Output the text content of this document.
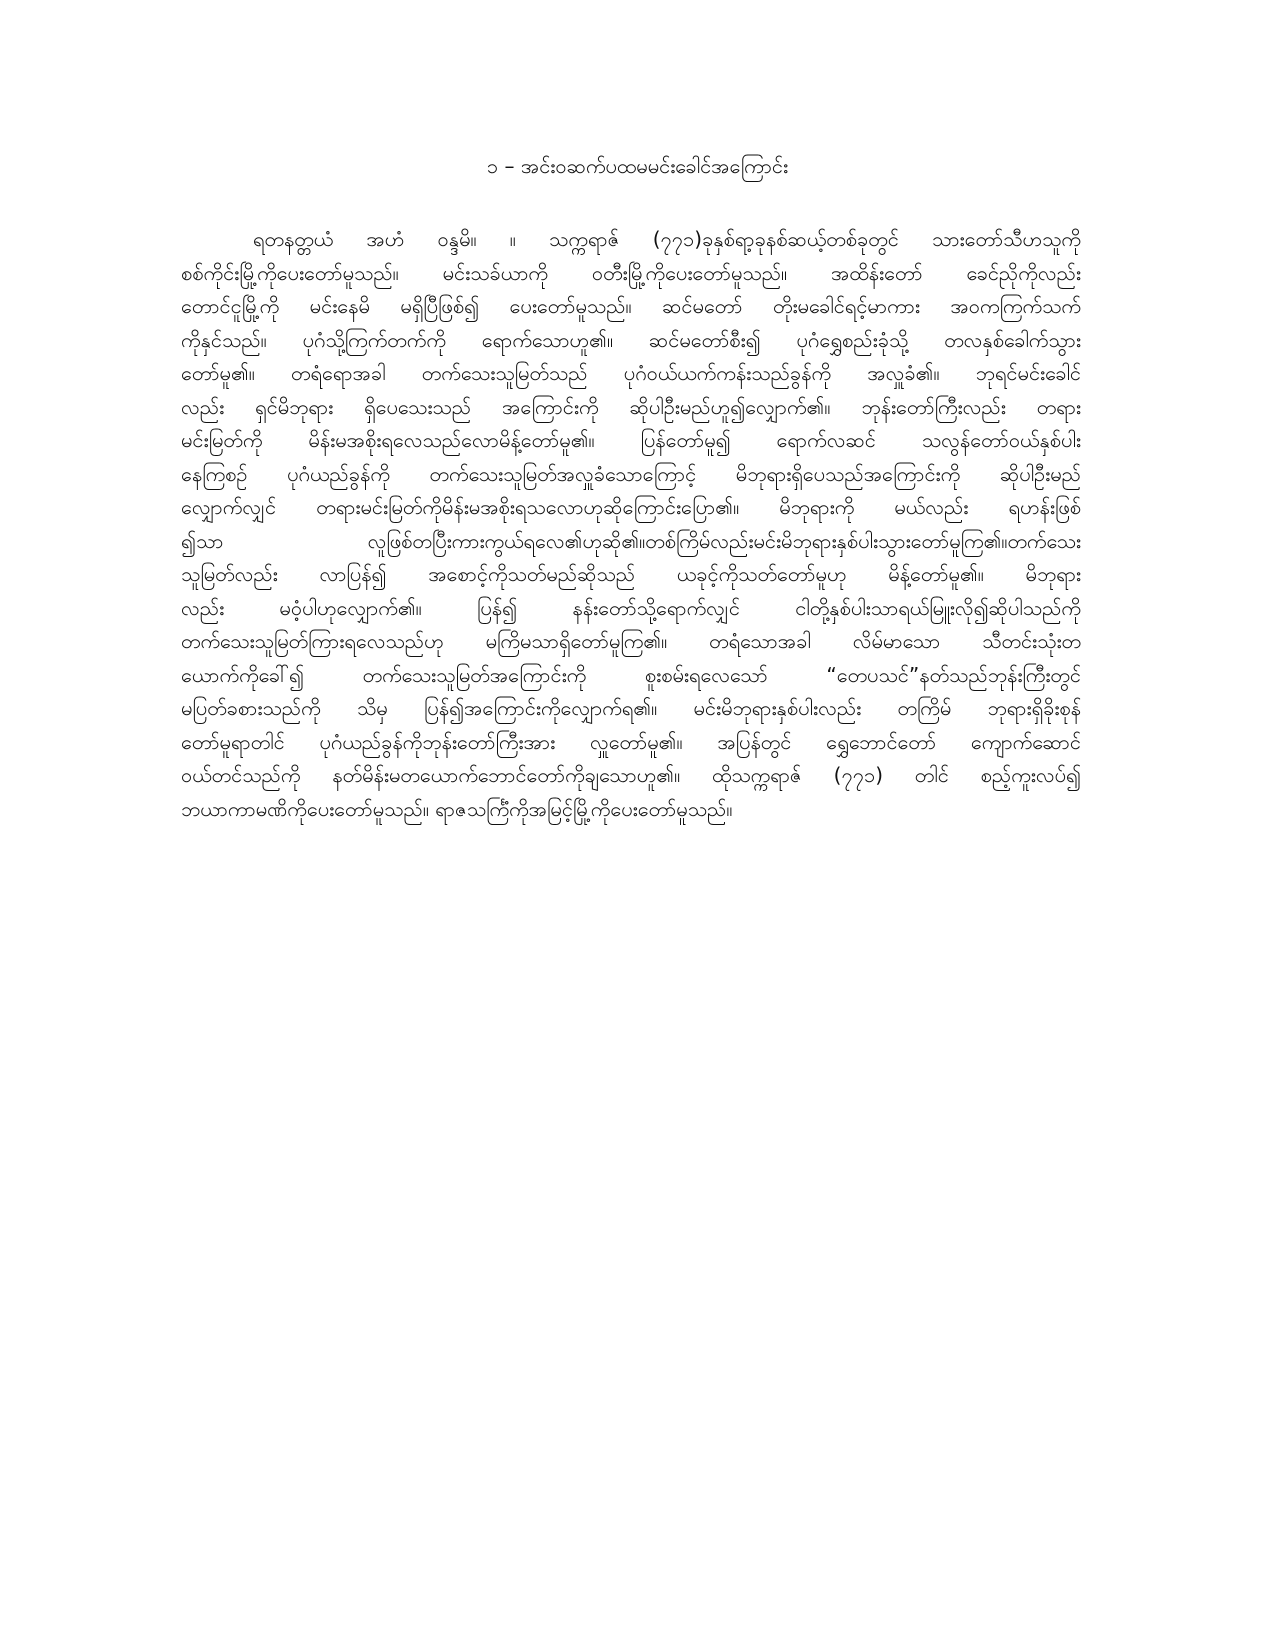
၁ – အင်းဝဆက်ပထမမင်းခေါင်အကြောင်း
ရတနတ္တယံ အဟံ ဝန္ဒမိ။ ။ သက္ကရာဇ် (၇၇၁)ခုနှစ်ရာ့ခုနစ်ဆယ့်တစ်ခုတွင် သားတော်သီဟသူကို
စစ်ကိုင်းမြို့ကိုပေးတော်မူသည်။ မင်းသခ်ယာကို ဝတီးမြို့ကိုပေးတော်မူသည်။ အထိန်းတော် ခေင်ညိုကိုလည်း
တောင်ငူမြို့ကို မင်းနေမိ မရှိပြီဖြစ်၍ ပေးတော်မူသည်။ ဆင်မတော် တိုးမခေါင်ရင့်မာကား အဝကကြက်သက်
ကိုနှင်သည်။ ပုဂံသို့ကြက်တက်ကို ရောက်သောဟူ၏။ ဆင်မတော်စီး၍ ပုဂံရွှေစည်းခုံသို့ တလနှစ်ခေါက်သွား
တော်မူ၏။ တရံရောအခါ တက်သေးသူမြတ်သည် ပုဂံဝယ်ယက်ကန်းသည်ခွန်ကို အလှူခံ၏။ ဘုရင်မင်းခေါင်
လည်း ရှင်မိဘုရား ရှိပေသေးသည် အကြောင်းကို ဆိုပါဦးမည်ဟူ၍လျှောက်၏။ ဘုန်းတော်ကြီးလည်း တရား
မင်းမြတ်ကို မိန်းမအစိုးရလေသည်လောမိန့်တော်မူ၏။ ပြန်တော်မူ၍ ရောက်လဆင် သလွန်တော်ဝယ်နှစ်ပါး
နေကြစဉ် ပုဂံယည်ခွန်ကို တက်သေးသူမြတ်အလှူခံသောကြောင့် မိဘုရားရှိပေသည်အကြောင်းကို ဆိုပါဦးမည်
လျှောက်လျှင် တရားမင်းမြတ်ကိုမိန်းမအစိုးရသလောဟုဆိုကြောင်းပြော၏။ မိဘုရားကို မယ်လည်း ရဟန်းဖြစ်
၍သာ လူဖြစ်တပြီးကားကွယ်ရလေ၏ဟုဆို၏။တစ်ကြိမ်လည်းမင်းမိဘုရားနှစ်ပါးသွားတော်မူကြ၏။တက်သေး
သူမြတ်လည်း လာပြန်၍ အစောင့်ကိုသတ်မည်ဆိုသည် ယခုင့်ကိုသတ်တော်မူဟု မိန့်တော်မူ၏။ မိဘုရား
လည်း မဝံ့ပါဟုလျှောက်၏။ ပြန်၍ နန်းတော်သို့ရောက်လျှင် ငါတို့နှစ်ပါးသာရယ်မြူးလို၍ဆိုပါသည်ကို
တက်သေးသူမြတ်ကြားရလေသည်ဟု မကြိမသာရှိတော်မူကြ၏။ တရံသောအခါ လိမ်မာသော သီတင်းသုံးတ
ယောက်ကိုခေါ်၍ တက်သေးသူမြတ်အကြောင်းကို စူးစမ်းရလေသော် “တေပသင်”နတ်သည်ဘုန်းကြီးတွင်
မပြတ်ခစားသည်ကို သိမှ ပြန်၍အကြောင်းကိုလျှောက်ရ၏။ မင်းမိဘုရားနှစ်ပါးလည်း တကြိမ် ဘုရားရှိခိုးစုန်
တော်မူရာတါင် ပုဂံယည်ခွန်ကိုဘုန်းတော်ကြီးအား လှူတော်မူ၏။ အပြန်တွင် ရွှေဘောင်တော် ကျောက်ဆောင်
ဝယ်တင်သည်ကို နတ်မိန်းမတယောက်ဘောင်တော်ကိုချသောဟူ၏။ ထိုသက္ကရာဇ် (၇၇၁) တါင် စည့်ကူးလပ်၍
ဘယာကာမဏိကိုပေးတော်မူသည်။ ရာဇသင်္ကြံကိုအမြင့်မြို့ကိုပေးတော်မူသည်။
